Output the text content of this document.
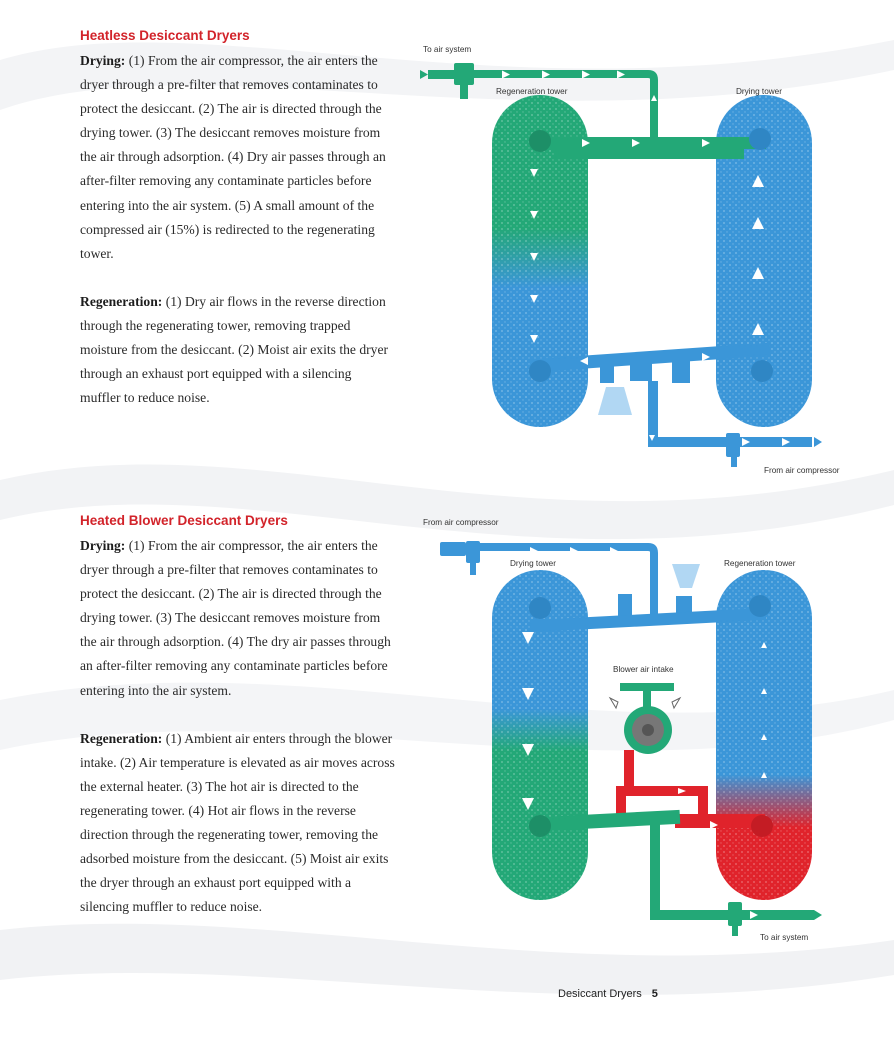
Heatless Desiccant Dryers

Drying: (1) From the air compressor, the air enters the dryer through a pre-filter that removes contaminates to protect the desiccant. (2) The air is directed through the drying tower. (3) The desiccant removes moisture from the air through adsorption. (4) Dry air passes through an after-filter removing any contaminate particles before entering into the air system. (5) A small amount of the compressed air (15%) is redirected to the regenerating tower.

Regeneration: (1) Dry air flows in the reverse direction through the regenerating tower, removing trapped moisture from the desiccant. (2) Moist air exits the dryer through an exhaust port equipped with a silencing muffler to reduce noise.

Heated Blower Desiccant Dryers

Drying: (1) From the air compressor, the air enters the dryer through a pre-filter that removes contaminates to protect the desiccant. (2) The air is directed through the drying tower. (3) The desiccant removes moisture from the air through adsorption. (4) The dry air passes through an after-filter removing any contaminate particles before entering into the air system.

Regeneration: (1) Ambient air enters through the blower intake. (2) Air temperature is elevated as air moves across the external heater. (3) The hot air is directed to the regenerating tower. (4) Hot air flows in the reverse direction through the regenerating tower, removing the adsorbed moisture from the desiccant. (5) Moist air exits the dryer through an exhaust port equipped with a silencing muffler to reduce noise.

To air system
Regeneration tower	Drying tower
From air compressor
From air compressor
Drying tower	Regeneration tower
Blower air intake
Heater
To air system
Desiccant Dryers 5
